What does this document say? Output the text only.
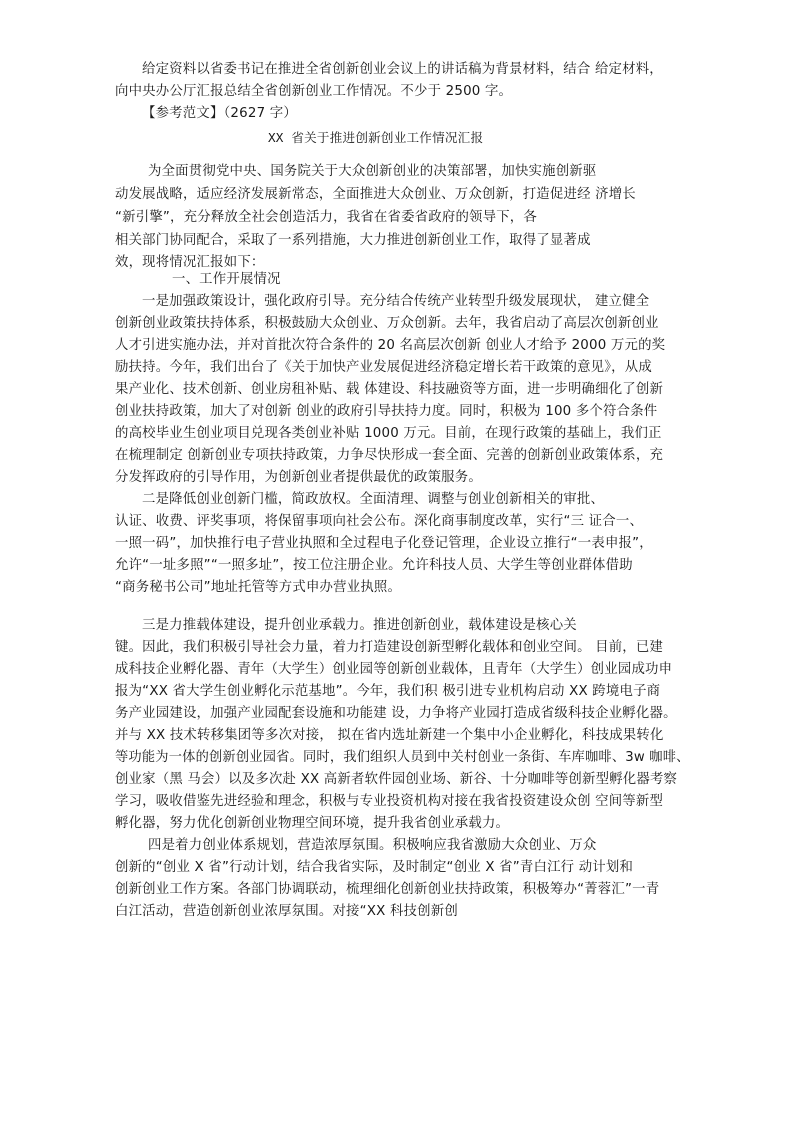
给定资料以省委书记在推进全省创新创业会议上的讲话稿为背景材料，结合 给定材料，
向中央办公厅汇报总结全省创新创业工作情况。不少于 2500 字。
【参考范文】（2627 字）
XX 省关于推进创新创业工作情况汇报
为全面贯彻党中央、国务院关于大众创新创业的决策部署，加快实施创新驱
动发展战略，适应经济发展新常态，全面推进大众创业、万众创新，打造促进经 济增长
“新引擎”，充分释放全社会创造活力，我省在省委省政府的领导下，各
相关部门协同配合，采取了一系列措施，大力推进创新创业工作，取得了显著成
效，现将情况汇报如下：
一、工作开展情况
一是加强政策设计，强化政府引导。充分结合传统产业转型升级发展现状， 建立健全
创新创业政策扶持体系，积极鼓励大众创业、万众创新。去年，我省启动了高层次创新创业
人才引进实施办法，并对首批次符合条件的 20 名高层次创新 创业人才给予 2000 万元的奖
励扶持。今年，我们出台了《关于加快产业发展促进经济稳定增长若干政策的意见》，从成
果产业化、技术创新、创业房租补贴、载 体建设、科技融资等方面，进一步明确细化了创新
创业扶持政策，加大了对创新 创业的政府引导扶持力度。同时，积极为 100 多个符合条件
的高校毕业生创业项目兑现各类创业补贴 1000 万元。目前，在现行政策的基础上，我们正
在梳理制定 创新创业专项扶持政策，力争尽快形成一套全面、完善的创新创业政策体系，充
分发挥政府的引导作用，为创新创业者提供最优的政策服务。
二是降低创业创新门槛，简政放权。全面清理、调整与创业创新相关的审批、
认证、收费、评奖事项，将保留事项向社会公布。深化商事制度改革，实行“三 证合一、
一照一码”，加快推行电子营业执照和全过程电子化登记管理，企业设立推行“一表申报”，
允许“一址多照”“一照多址”，按工位注册企业。允许科技人员、大学生等创业群体借助
“商务秘书公司”地址托管等方式申办营业执照。
三是力推载体建设，提升创业承载力。推进创新创业，载体建设是核心关
键。因此，我们积极引导社会力量，着力打造建设创新型孵化载体和创业空间。 目前，已建
成科技企业孵化器、青年（大学生）创业园等创新创业载体，且青年（大学生）创业园成功申
报为“XX 省大学生创业孵化示范基地”。今年，我们积 极引进专业机构启动 XX 跨境电子商
务产业园建设，加强产业园配套设施和功能建 设，力争将产业园打造成省级科技企业孵化器。
并与 XX 技术转移集团等多次对接， 拟在省内选址新建一个集中小企业孵化，科技成果转化
等功能为一体的创新创业园省。同时，我们组织人员到中关村创业一条街、车库咖啡、3w 咖啡、
创业家（黑 马会）以及多次赴 XX 高新者软件园创业场、新谷、十分咖啡等创新型孵化器考察
学习，吸收借鉴先进经验和理念，积极与专业投资机构对接在我省投资建设众创 空间等新型
孵化器，努力优化创新创业物理空间环境，提升我省创业承载力。
四是着力创业体系规划，营造浓厚氛围。积极响应我省激励大众创业、万众
创新的“创业 X 省”行动计划，结合我省实际，及时制定“创业 X 省”青白江行 动计划和
创新创业工作方案。各部门协调联动，梳理细化创新创业扶持政策，积极筹办“菁蓉汇”一青
白江活动，营造创新创业浓厚氛围。对接“XX 科技创新创
